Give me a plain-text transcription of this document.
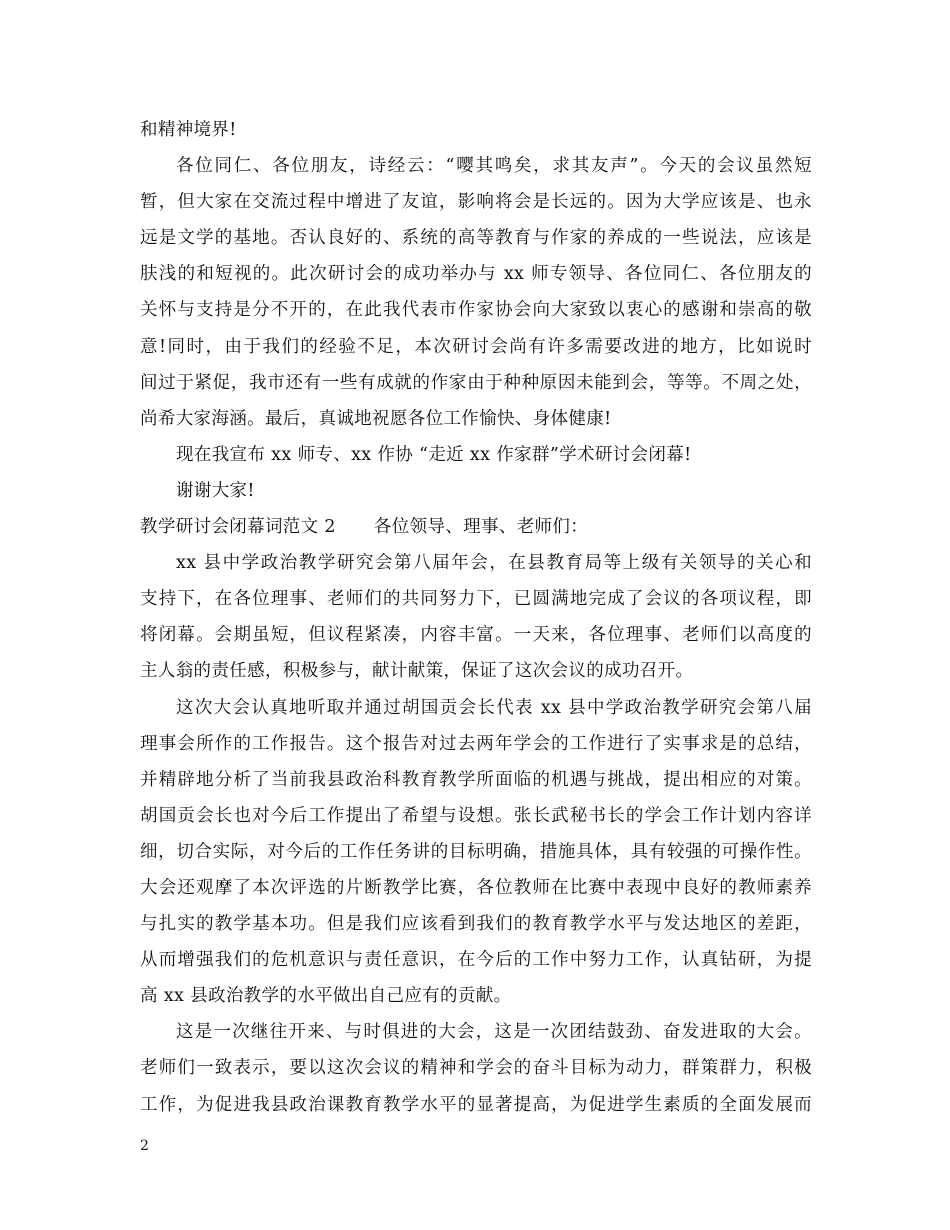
和精神境界!
各位同仁、各位朋友，诗经云：“嘤其鸣矣，求其友声”。今天的会议虽然短
暂，但大家在交流过程中增进了友谊，影响将会是长远的。因为大学应该是、也永
远是文学的基地。否认良好的、系统的高等教育与作家的养成的一些说法，应该是
肤浅的和短视的。此次研讨会的成功举办与 xx 师专领导、各位同仁、各位朋友的
关怀与支持是分不开的，在此我代表市作家协会向大家致以衷心的感谢和崇高的敬
意!同时，由于我们的经验不足，本次研讨会尚有许多需要改进的地方，比如说时
间过于紧促，我市还有一些有成就的作家由于种种原因未能到会，等等。不周之处，
尚希大家海涵。最后，真诚地祝愿各位工作愉快、身体健康!
现在我宣布 xx 师专、xx 作协 “走近 xx 作家群”学术研讨会闭幕!
谢谢大家!
教学研讨会闭幕词范文 2 各位领导、理事、老师们：
xx 县中学政治教学研究会第八届年会，在县教育局等上级有关领导的关心和
支持下，在各位理事、老师们的共同努力下，已圆满地完成了会议的各项议程，即
将闭幕。会期虽短，但议程紧凑，内容丰富。一天来，各位理事、老师们以高度的
主人翁的责任感，积极参与，献计献策，保证了这次会议的成功召开。
这次大会认真地听取并通过胡国贡会长代表 xx 县中学政治教学研究会第八届
理事会所作的工作报告。这个报告对过去两年学会的工作进行了实事求是的总结，
并精辟地分析了当前我县政治科教育教学所面临的机遇与挑战，提出相应的对策。
胡国贡会长也对今后工作提出了希望与设想。张长武秘书长的学会工作计划内容详
细，切合实际，对今后的工作任务讲的目标明确，措施具体，具有较强的可操作性。
大会还观摩了本次评选的片断教学比赛，各位教师在比赛中表现中良好的教师素养
与扎实的教学基本功。但是我们应该看到我们的教育教学水平与发达地区的差距，
从而增强我们的危机意识与责任意识，在今后的工作中努力工作，认真钻研，为提
高 xx 县政治教学的水平做出自己应有的贡献。
这是一次继往开来、与时俱进的大会，这是一次团结鼓劲、奋发进取的大会。
老师们一致表示，要以这次会议的精神和学会的奋斗目标为动力，群策群力，积极
工作，为促进我县政治课教育教学水平的显著提高，为促进学生素质的全面发展而
2
